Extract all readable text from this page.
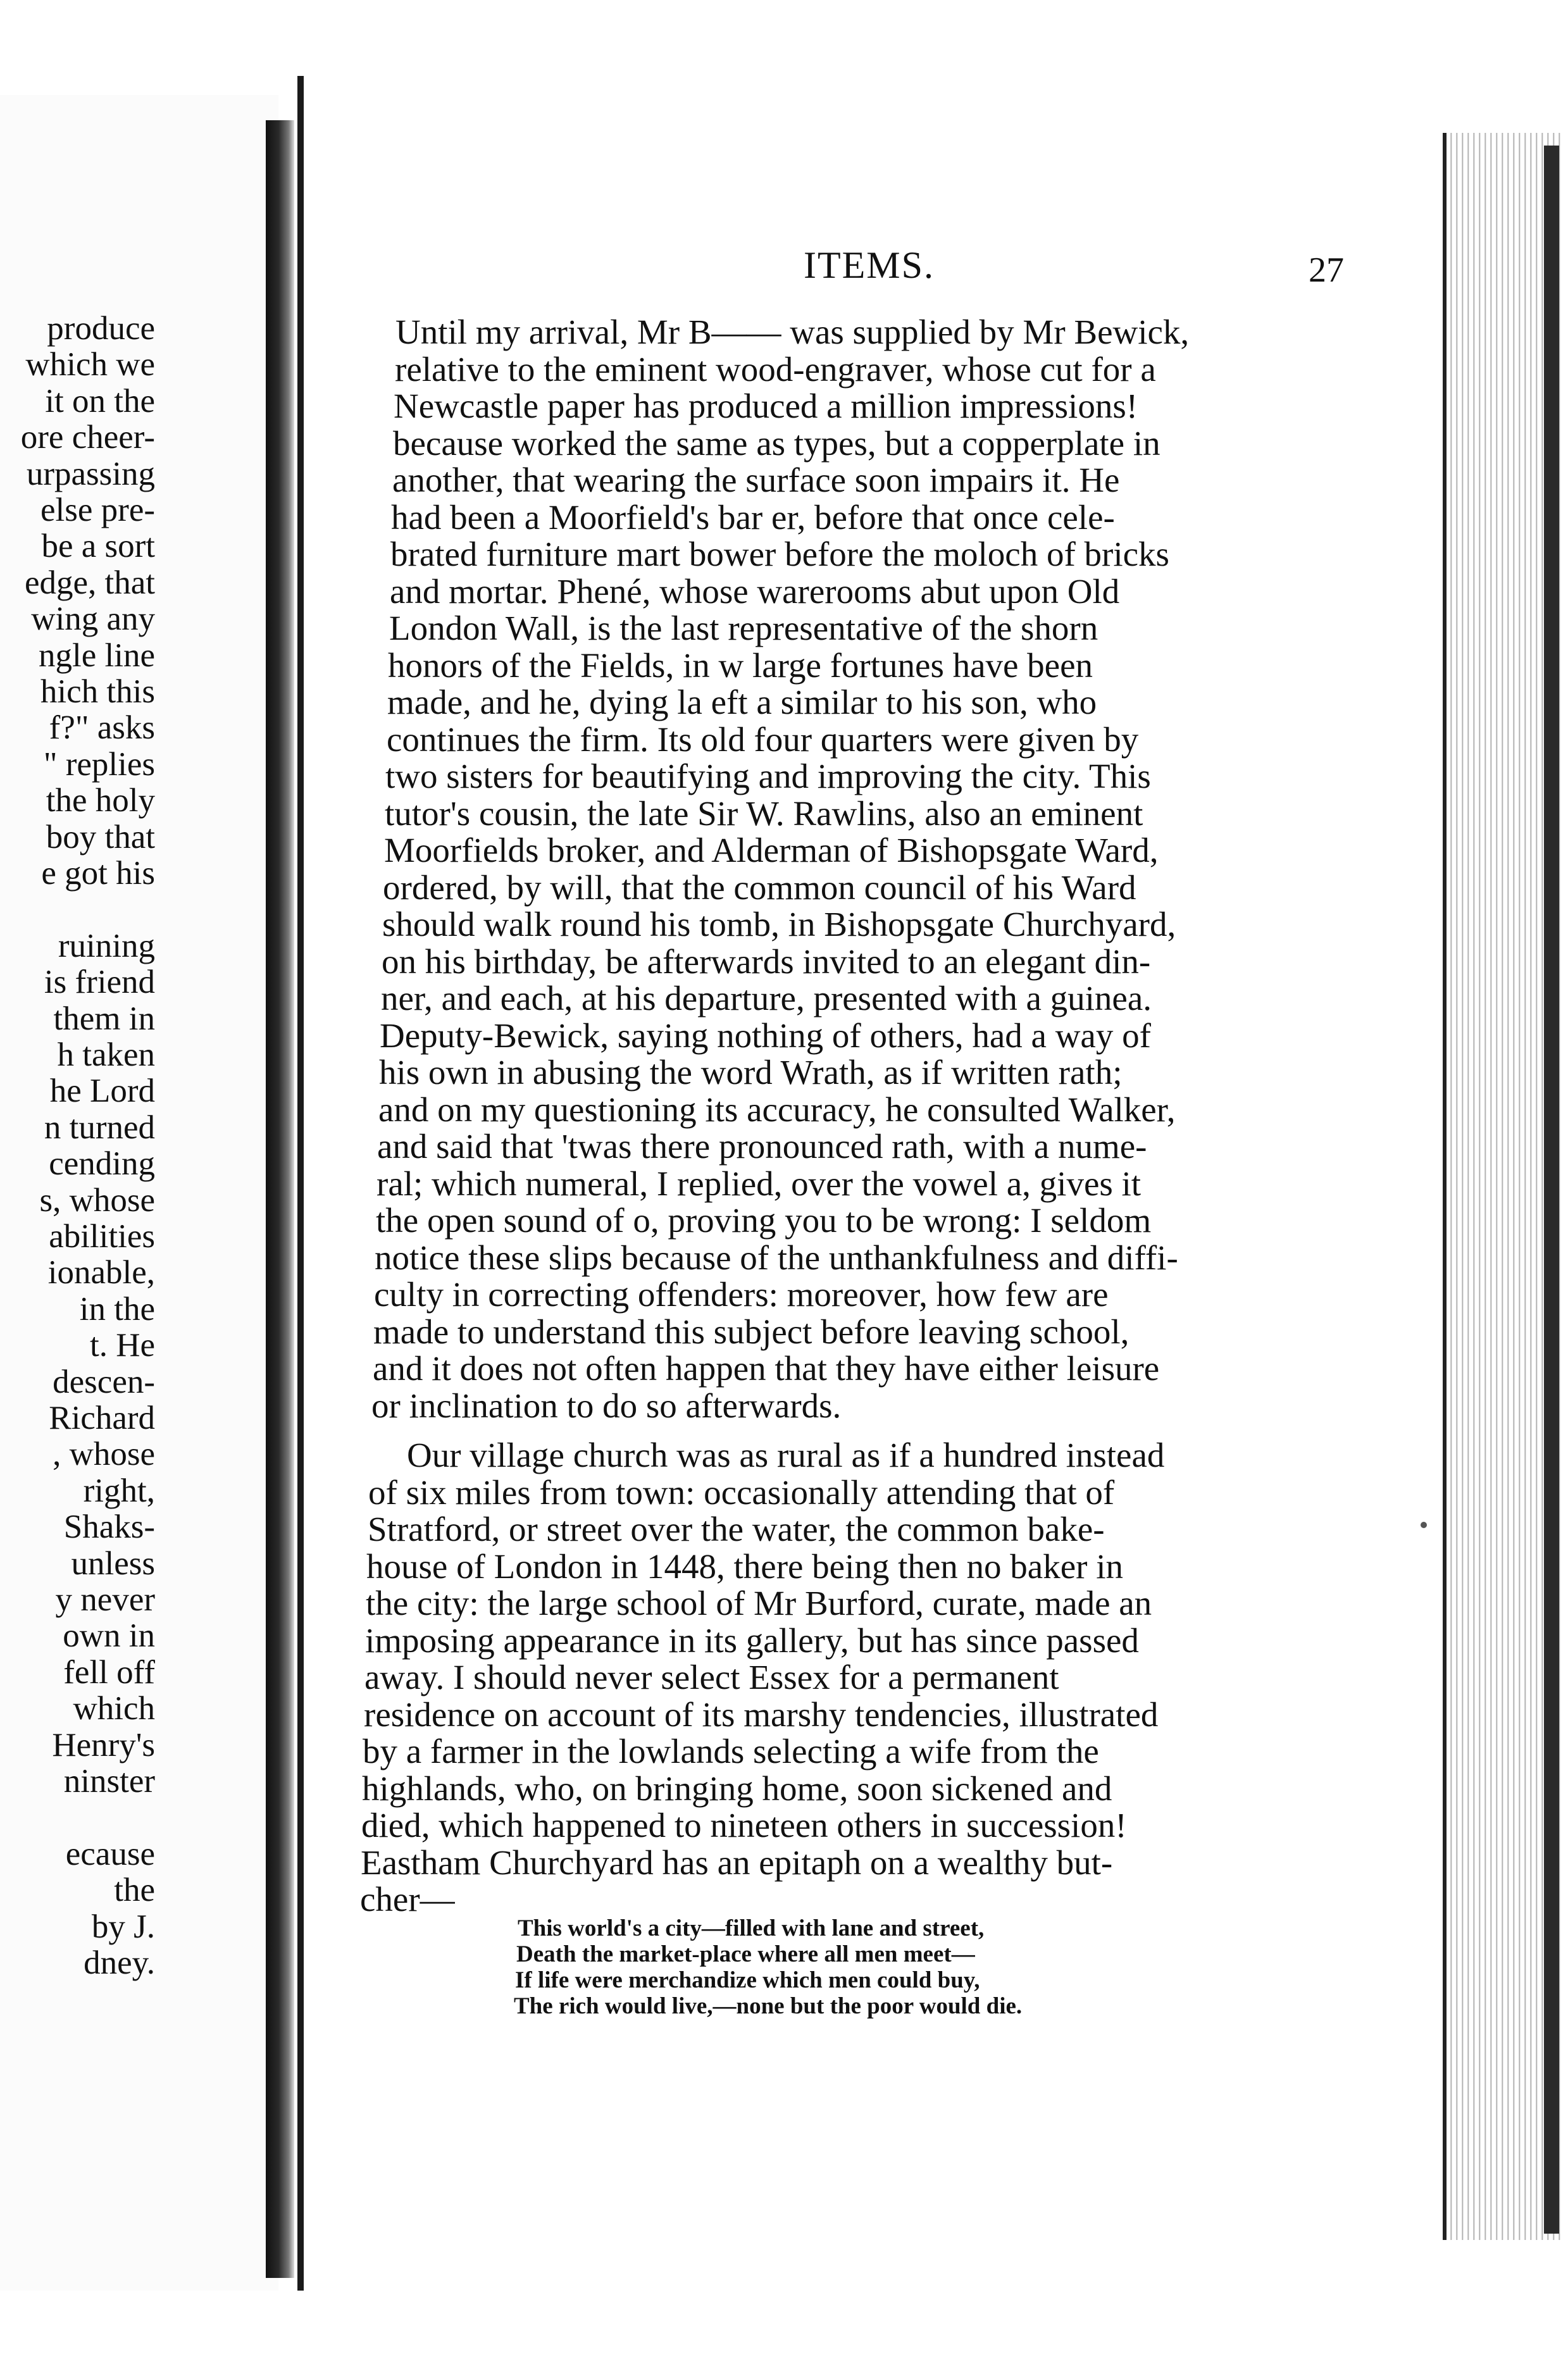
produce
which we
it on the
ore cheer-
urpassing
else pre-
be a sort
edge, that
wing any
ngle line
hich this
f?" asks
" replies
the holy
boy that
e got his
ruining
is friend
them in
h taken
he Lord
n turned
cending
s, whose
abilities
ionable,
in the
t. He
descen-
Richard
, whose
right,
Shaks-
unless
y never
own in
fell off
which
Henry's
ninster
ecause
the
by J.
dney.
ITEMS.	27
Until my arrival, Mr B—— was supplied by Mr Bewick,
relative to the eminent wood-engraver, whose cut for a
Newcastle paper has produced a million impressions!
because worked the same as types, but a copperplate in
another, that wearing the surface soon impairs it. He
had been a Moorfield's bar er, before that once cele-
brated furniture mart bower before the moloch of bricks
and mortar. Phené, whose warerooms abut upon Old
London Wall, is the last representative of the shorn
honors of the Fields, in w large fortunes have been
made, and he, dying la eft a similar to his son, who
continues the firm. Its old four quarters were given by
two sisters for beautifying and improving the city. This
tutor's cousin, the late Sir W. Rawlins, also an eminent
Moorfields broker, and Alderman of Bishopsgate Ward,
ordered, by will, that the common council of his Ward
should walk round his tomb, in Bishopsgate Churchyard,
on his birthday, be afterwards invited to an elegant din-
ner, and each, at his departure, presented with a guinea.
Deputy-Bewick, saying nothing of others, had a way of
his own in abusing the word Wrath, as if written rath;
and on my questioning its accuracy, he consulted Walker,
and said that 'twas there pronounced rath, with a nume-
ral; which numeral, I replied, over the vowel a, gives it
the open sound of o, proving you to be wrong: I seldom
notice these slips because of the unthankfulness and diffi-
culty in correcting offenders: moreover, how few are
made to understand this subject before leaving school,
and it does not often happen that they have either leisure
or inclination to do so afterwards.
Our village church was as rural as if a hundred instead
of six miles from town: occasionally attending that of
Stratford, or street over the water, the common bake-
house of London in 1448, there being then no baker in
the city: the large school of Mr Burford, curate, made an
imposing appearance in its gallery, but has since passed
away. I should never select Essex for a permanent
residence on account of its marshy tendencies, illustrated
by a farmer in the lowlands selecting a wife from the
highlands, who, on bringing home, soon sickened and
died, which happened to nineteen others in succession!
Eastham Churchyard has an epitaph on a wealthy but-
cher—
This world's a city—filled with lane and street,
Death the market-place where all men meet—
If life were merchandize which men could buy,
The rich would live,—none but the poor would die.
